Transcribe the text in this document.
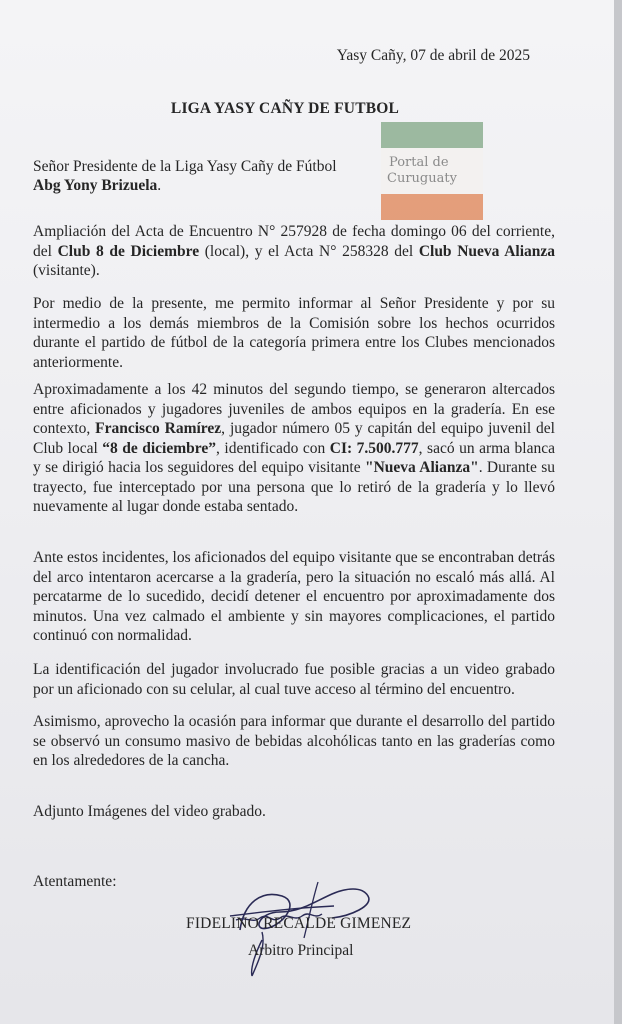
Yasy Cañy, 07 de abril de 2025
LIGA YASY CAÑY DE FUTBOL
Portal de
Curuguaty
Señor Presidente de la Liga Yasy Cañy de Fútbol
Abg Yony Brizuela.
Ampliación del Acta de Encuentro N° 257928 de fecha domingo 06 del corriente, del Club 8 de Diciembre (local), y el Acta N° 258328 del Club Nueva Alianza (visitante).
Por medio de la presente, me permito informar al Señor Presidente y por su intermedio a los demás miembros de la Comisión sobre los hechos ocurridos durante el partido de fútbol de la categoría primera entre los Clubes mencionados anteriormente.
Aproximadamente a los 42 minutos del segundo tiempo, se generaron altercados entre aficionados y jugadores juveniles de ambos equipos en la gradería. En ese contexto, Francisco Ramírez, jugador número 05 y capitán del equipo juvenil del Club local “8 de diciembre”, identificado con CI: 7.500.777, sacó un arma blanca y se dirigió hacia los seguidores del equipo visitante "Nueva Alianza". Durante su trayecto, fue interceptado por una persona que lo retiró de la gradería y lo llevó nuevamente al lugar donde estaba sentado.
Ante estos incidentes, los aficionados del equipo visitante que se encontraban detrás del arco intentaron acercarse a la gradería, pero la situación no escaló más allá. Al percatarme de lo sucedido, decidí detener el encuentro por aproximadamente dos minutos. Una vez calmado el ambiente y sin mayores complicaciones, el partido continuó con normalidad.
La identificación del jugador involucrado fue posible gracias a un video grabado por un aficionado con su celular, al cual tuve acceso al término del encuentro.
Asimismo, aprovecho la ocasión para informar que durante el desarrollo del partido se observó un consumo masivo de bebidas alcohólicas tanto en las graderías como en los alrededores de la cancha.
Adjunto Imágenes del video grabado.
Atentamente:
FIDELINO RECALDE GIMENEZ
Arbitro Principal
